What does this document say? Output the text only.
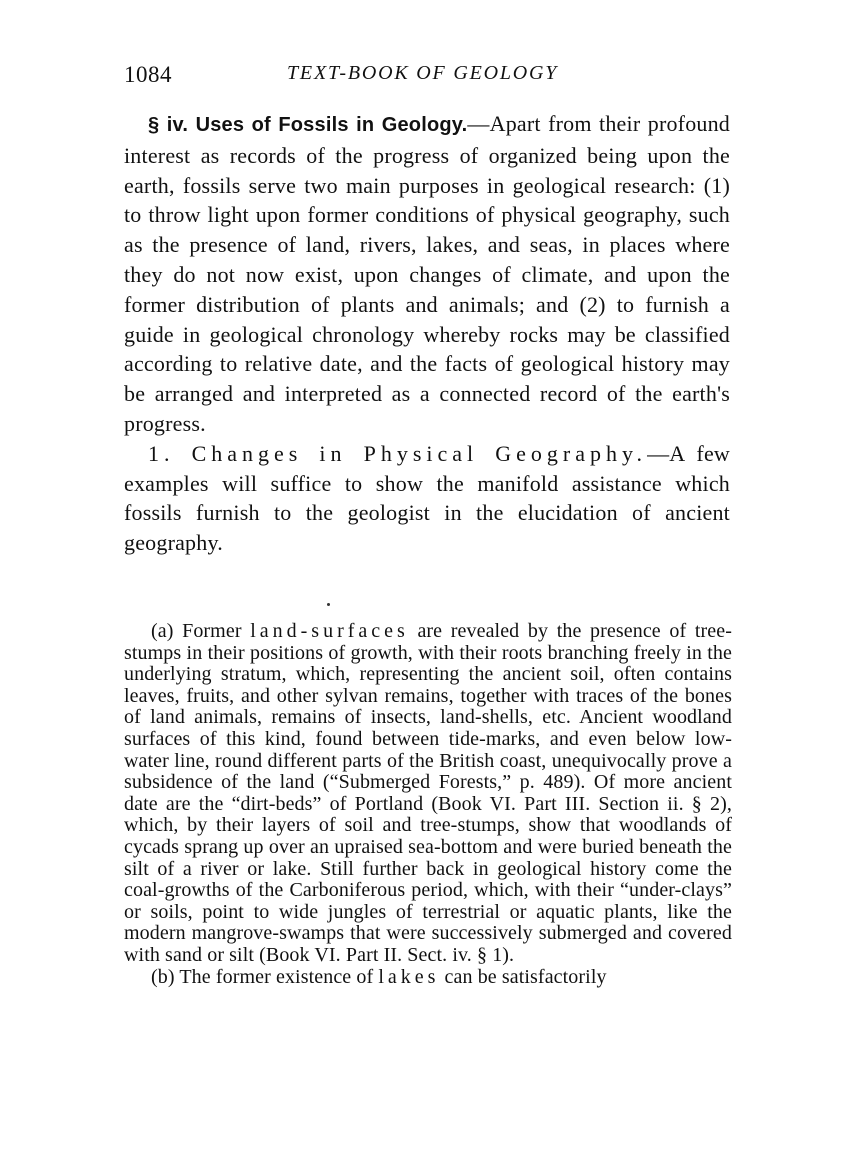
1084	TEXT-BOOK OF GEOLOGY

§ iv. Uses of Fossils in Geology.—Apart from their profound interest as records of the progress of organized being upon the earth, fossils serve two main purposes in geological research: (1) to throw light upon former conditions of physical geography, such as the presence of land, rivers, lakes, and seas, in places where they do not now exist, upon changes of climate, and upon the former distribution of plants and animals; and (2) to furnish a guide in geological chronology whereby rocks may be classified according to relative date, and the facts of geological history may be arranged and interpreted as a connected record of the earth's progress.

1. Changes in Physical Geography.—A few examples will suffice to show the manifold assistance which fossils furnish to the geologist in the elucidation of ancient geography.

(a) Former land-surfaces are revealed by the presence of tree-stumps in their positions of growth, with their roots branching freely in the underlying stratum, which, representing the ancient soil, often contains leaves, fruits, and other sylvan remains, together with traces of the bones of land animals, remains of insects, land-shells, etc. Ancient woodland surfaces of this kind, found between tide-marks, and even below low-water line, round different parts of the British coast, unequivocally prove a subsidence of the land (“Submerged Forests,” p. 489). Of more ancient date are the “dirt-beds” of Portland (Book VI. Part III. Section ii. § 2), which, by their layers of soil and tree-stumps, show that woodlands of cycads sprang up over an upraised sea-bottom and were buried beneath the silt of a river or lake. Still further back in geological history come the coal-growths of the Carboniferous period, which, with their “under-clays” or soils, point to wide jungles of terrestrial or aquatic plants, like the modern mangrove-swamps that were successively submerged and covered with sand or silt (Book VI. Part II. Sect. iv. § 1).

(b) The former existence of lakes can be satisfactorily
